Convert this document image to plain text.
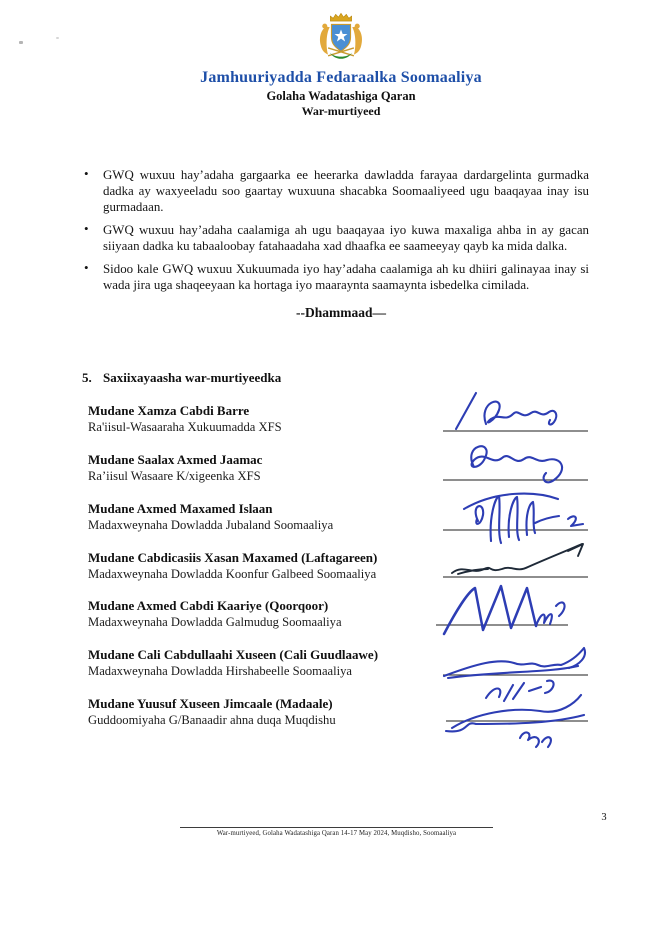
Jamhuuriyadda Fedaraalka Soomaaliya
Golaha Wadatashiga Qaran
War-murtiyeed
• GWQ wuxuu hay’adaha gargaarka ee heerarka dawladda farayaa dardargelinta gurmadka dadka ay waxyeeladu soo gaartay wuxuuna shacabka Soomaaliyeed ugu baaqayaa inay isu gurmadaan.
• GWQ wuxuu hay’adaha caalamiga ah ugu baaqayaa iyo kuwa maxaliga ahba in ay gacan siiyaan dadka ku tabaaloobay fatahaadaha xad dhaafka ee saameeyay qayb ka mida dalka.
• Sidoo kale GWQ wuxuu Xukuumada iyo hay’adaha caalamiga ah ku dhiiri galinayaa inay si wada jira uga shaqeeyaan ka hortaga iyo maaraynta saamaynta isbedelka cimilada.
--Dhammaad—
5. Saxiixayaasha war-murtiyeedka
Mudane Xamza Cabdi Barre
Ra'iisul-Wasaaraha Xukuumadda XFS
Mudane Saalax Axmed Jaamac
Ra’iisul Wasaare K/xigeenka XFS
Mudane Axmed Maxamed Islaan
Madaxweynaha Dowladda Jubaland Soomaaliya
Mudane Cabdicasiis Xasan Maxamed (Laftagareen)
Madaxweynaha Dowladda Koonfur Galbeed Soomaaliya
Mudane Axmed Cabdi Kaariye (Qoorqoor)
Madaxweynaha Dowladda Galmudug Soomaaliya
Mudane Cali Cabdullaahi Xuseen (Cali Guudlaawe)
Madaxweynaha Dowladda Hirshabeelle Soomaaliya
Mudane Yuusuf Xuseen Jimcaale (Madaale)
Guddoomiyaha G/Banaadir ahna duqa Muqdishu
War-murtiyeed, Golaha Wadatashiga Qaran 14-17 May 2024, Muqdisho, Soomaaliya
3
